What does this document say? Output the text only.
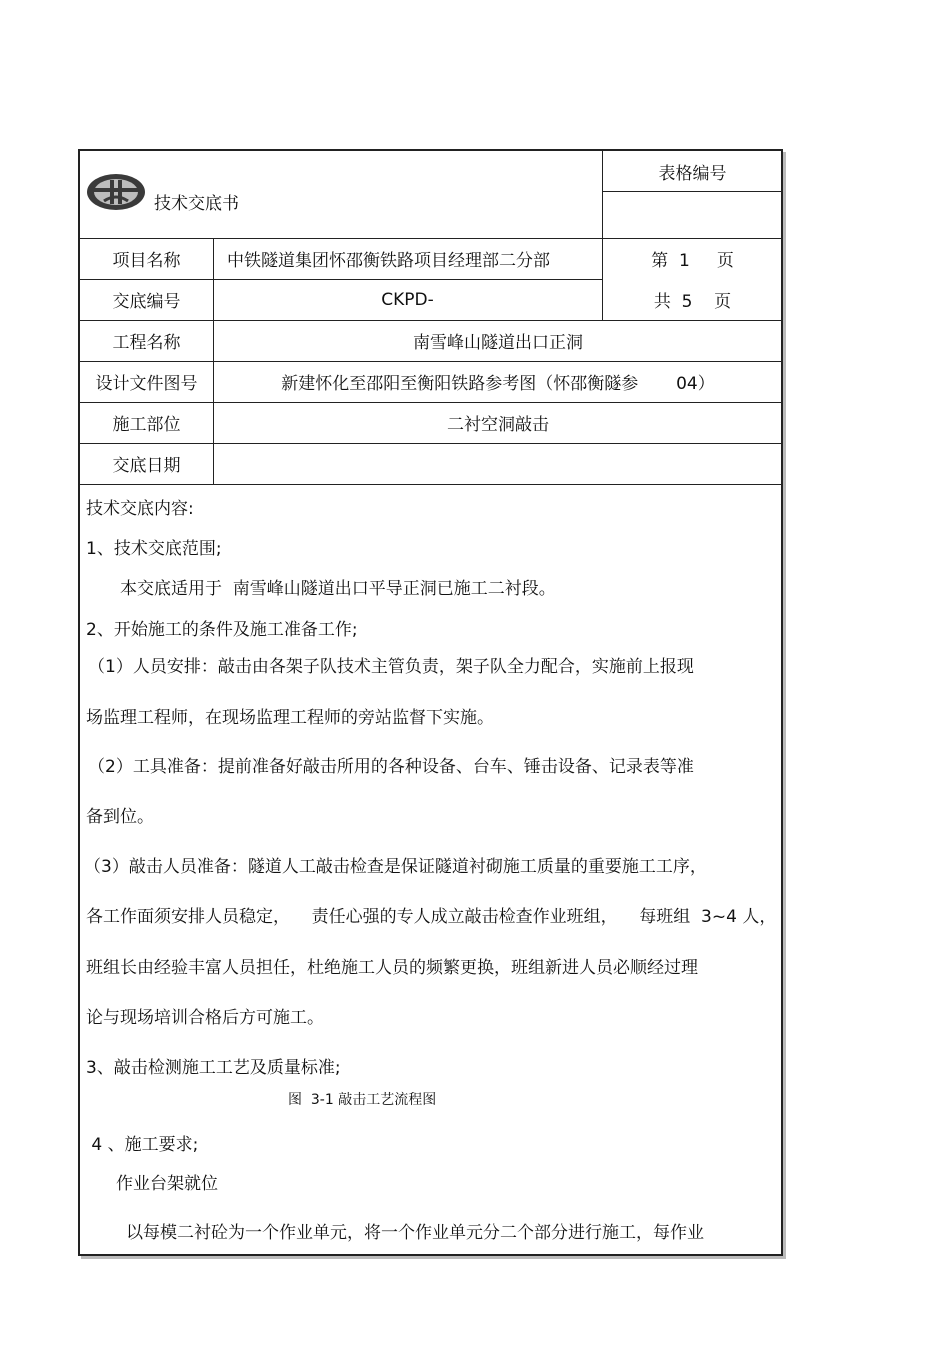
技术交底书
表格编号
项目名称	中铁隧道集团怀邵衡铁路项目经理部二分部	第  1     页
交底编号	CKPD-	共  5    页
工程名称	南雪峰山隧道出口正洞
设计文件图号	新建怀化至邵阳至衡阳铁路参考图（怀邵衡隧参       04）
施工部位	二衬空洞敲击
交底日期
技术交底内容:
1、技术交底范围;
本交底适用于  南雪峰山隧道出口平导正洞已施工二衬段。
2、开始施工的条件及施工准备工作;
（1）人员安排：敲击由各架子队技术主管负责，架子队全力配合，实施前上报现
场监理工程师，在现场监理工程师的旁站监督下实施。
（2）工具准备：提前准备好敲击所用的各种设备、台车、锤击设备、记录表等准
备到位。
（3）敲击人员准备：隧道人工敲击检查是保证隧道衬砌施工质量的重要施工工序，
各工作面须安排人员稳定，    责任心强的专人成立敲击检查作业班组，    每班组  3~4 人，
班组长由经验丰富人员担任，杜绝施工人员的频繁更换，班组新进人员必顺经过理
论与现场培训合格后方可施工。
3、敲击检测施工工艺及质量标准;
图  3-1 敲击工艺流程图
4 、施工要求;
作业台架就位
以每模二衬砼为一个作业单元，将一个作业单元分二个部分进行施工，每作业
